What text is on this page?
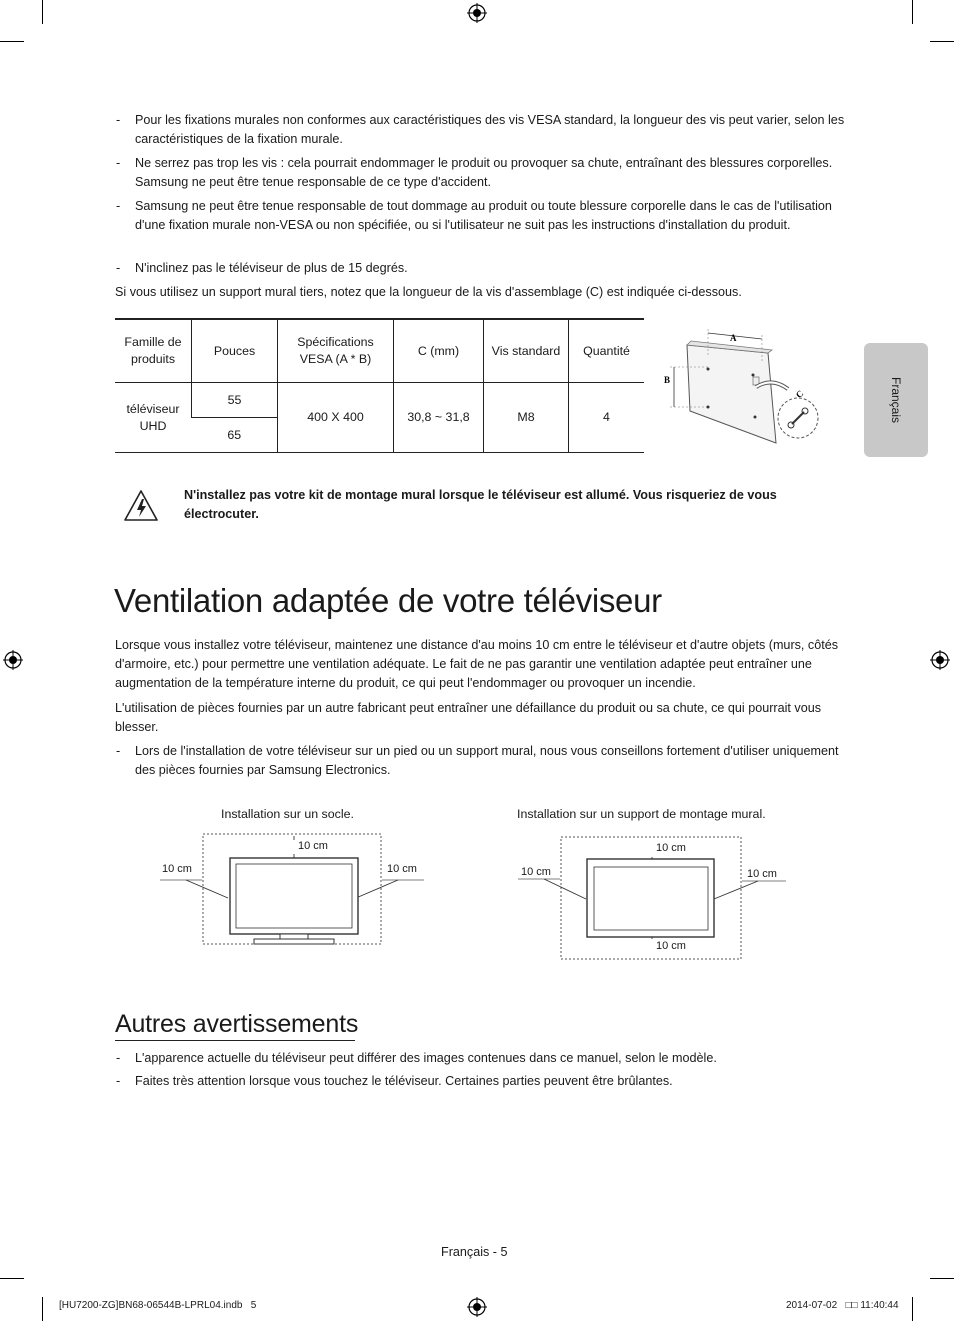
- Pour les fixations murales non conformes aux caractéristiques des vis VESA standard, la longueur des vis peut varier, selon les caractéristiques de la fixation murale.
- Ne serrez pas trop les vis : cela pourrait endommager le produit ou provoquer sa chute, entraînant des blessures corporelles. Samsung ne peut être tenue responsable de ce type d'accident.
- Samsung ne peut être tenue responsable de tout dommage au produit ou toute blessure corporelle dans le cas de l'utilisation d'une fixation murale non-VESA ou non spécifiée, ou si l'utilisateur ne suit pas les instructions d'installation du produit.
- N'inclinez pas le téléviseur de plus de 15 degrés.
Si vous utilisez un support mural tiers, notez que la longueur de la vis d'assemblage (C) est indiquée ci-dessous.
Famille de produits	Pouces	Spécifications VESA (A * B)	C (mm)	Vis standard	Quantité
téléviseur UHD	55	400 X 400	30,8 ~ 31,8	M8	4
	65				
A
B
C	Français
N'installez pas votre kit de montage mural lorsque le téléviseur est allumé. Vous risqueriez de vous électrocuter.
Ventilation adaptée de votre téléviseur
Lorsque vous installez votre téléviseur, maintenez une distance d'au moins 10 cm entre le téléviseur et d'autre objets (murs, côtés d'armoire, etc.) pour permettre une ventilation adéquate. Le fait de ne pas garantir une ventilation adaptée peut entraîner une augmentation de la température interne du produit, ce qui peut l'endommager ou provoquer un incendie.
L'utilisation de pièces fournies par un autre fabricant peut entraîner une défaillance du produit ou sa chute, ce qui pourrait vous blesser.
- Lors de l'installation de votre téléviseur sur un pied ou un support mural, nous vous conseillons fortement d'utiliser uniquement des pièces fournies par Samsung Electronics.
Installation sur un socle.
10 cm
10 cm	10 cm
Installation sur un support de montage mural.
10 cm
10 cm	10 cm
10 cm
Autres avertissements
- L'apparence actuelle du téléviseur peut différer des images contenues dans ce manuel, selon le modèle.
- Faites très attention lorsque vous touchez le téléviseur. Certaines parties peuvent être brûlantes.
Français - 5
[HU7200-ZG]BN68-06544B-LPRL04.indb   5	2014-07-02   □□ 11:40:44
